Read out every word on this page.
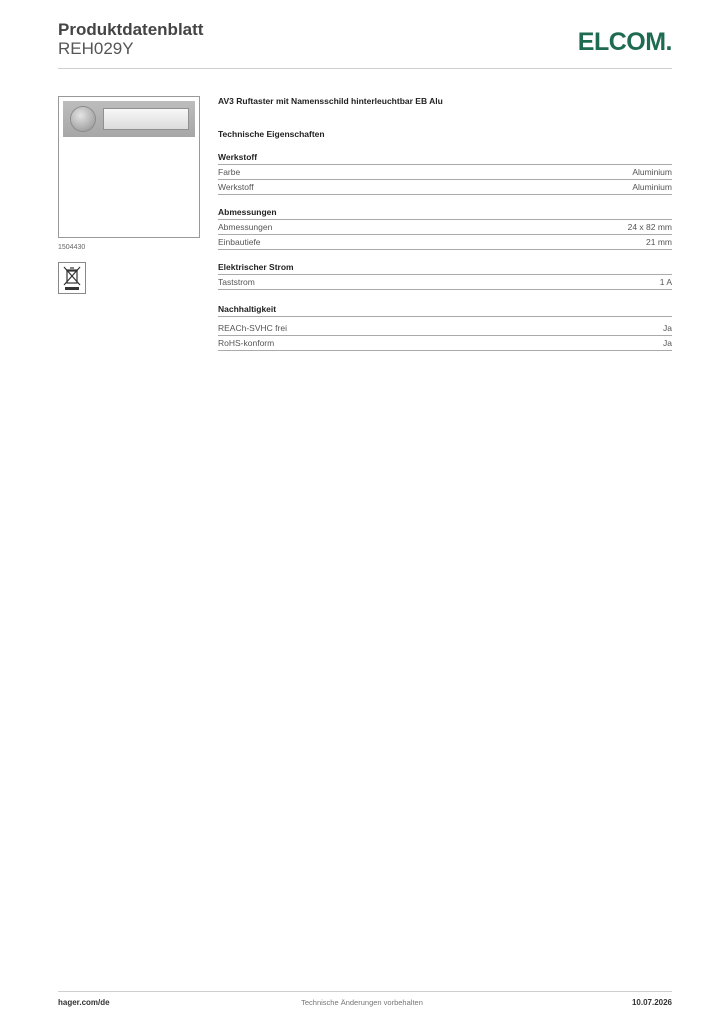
Produktdatenblatt
REH029Y	ELCOM.
1504430
AV3 Ruftaster mit Namensschild hinterleuchtbar EB Alu
Technische Eigenschaften
Werkstoff
Farbe	Aluminium
Werkstoff	Aluminium
Abmessungen
Abmessungen	24 x 82 mm
Einbautiefe	21 mm
Elektrischer Strom
Taststrom	1 A
Nachhaltigkeit
REACh-SVHC frei	Ja
RoHS-konform	Ja
hager.com/de	Technische Änderungen vorbehalten	10.07.2026
